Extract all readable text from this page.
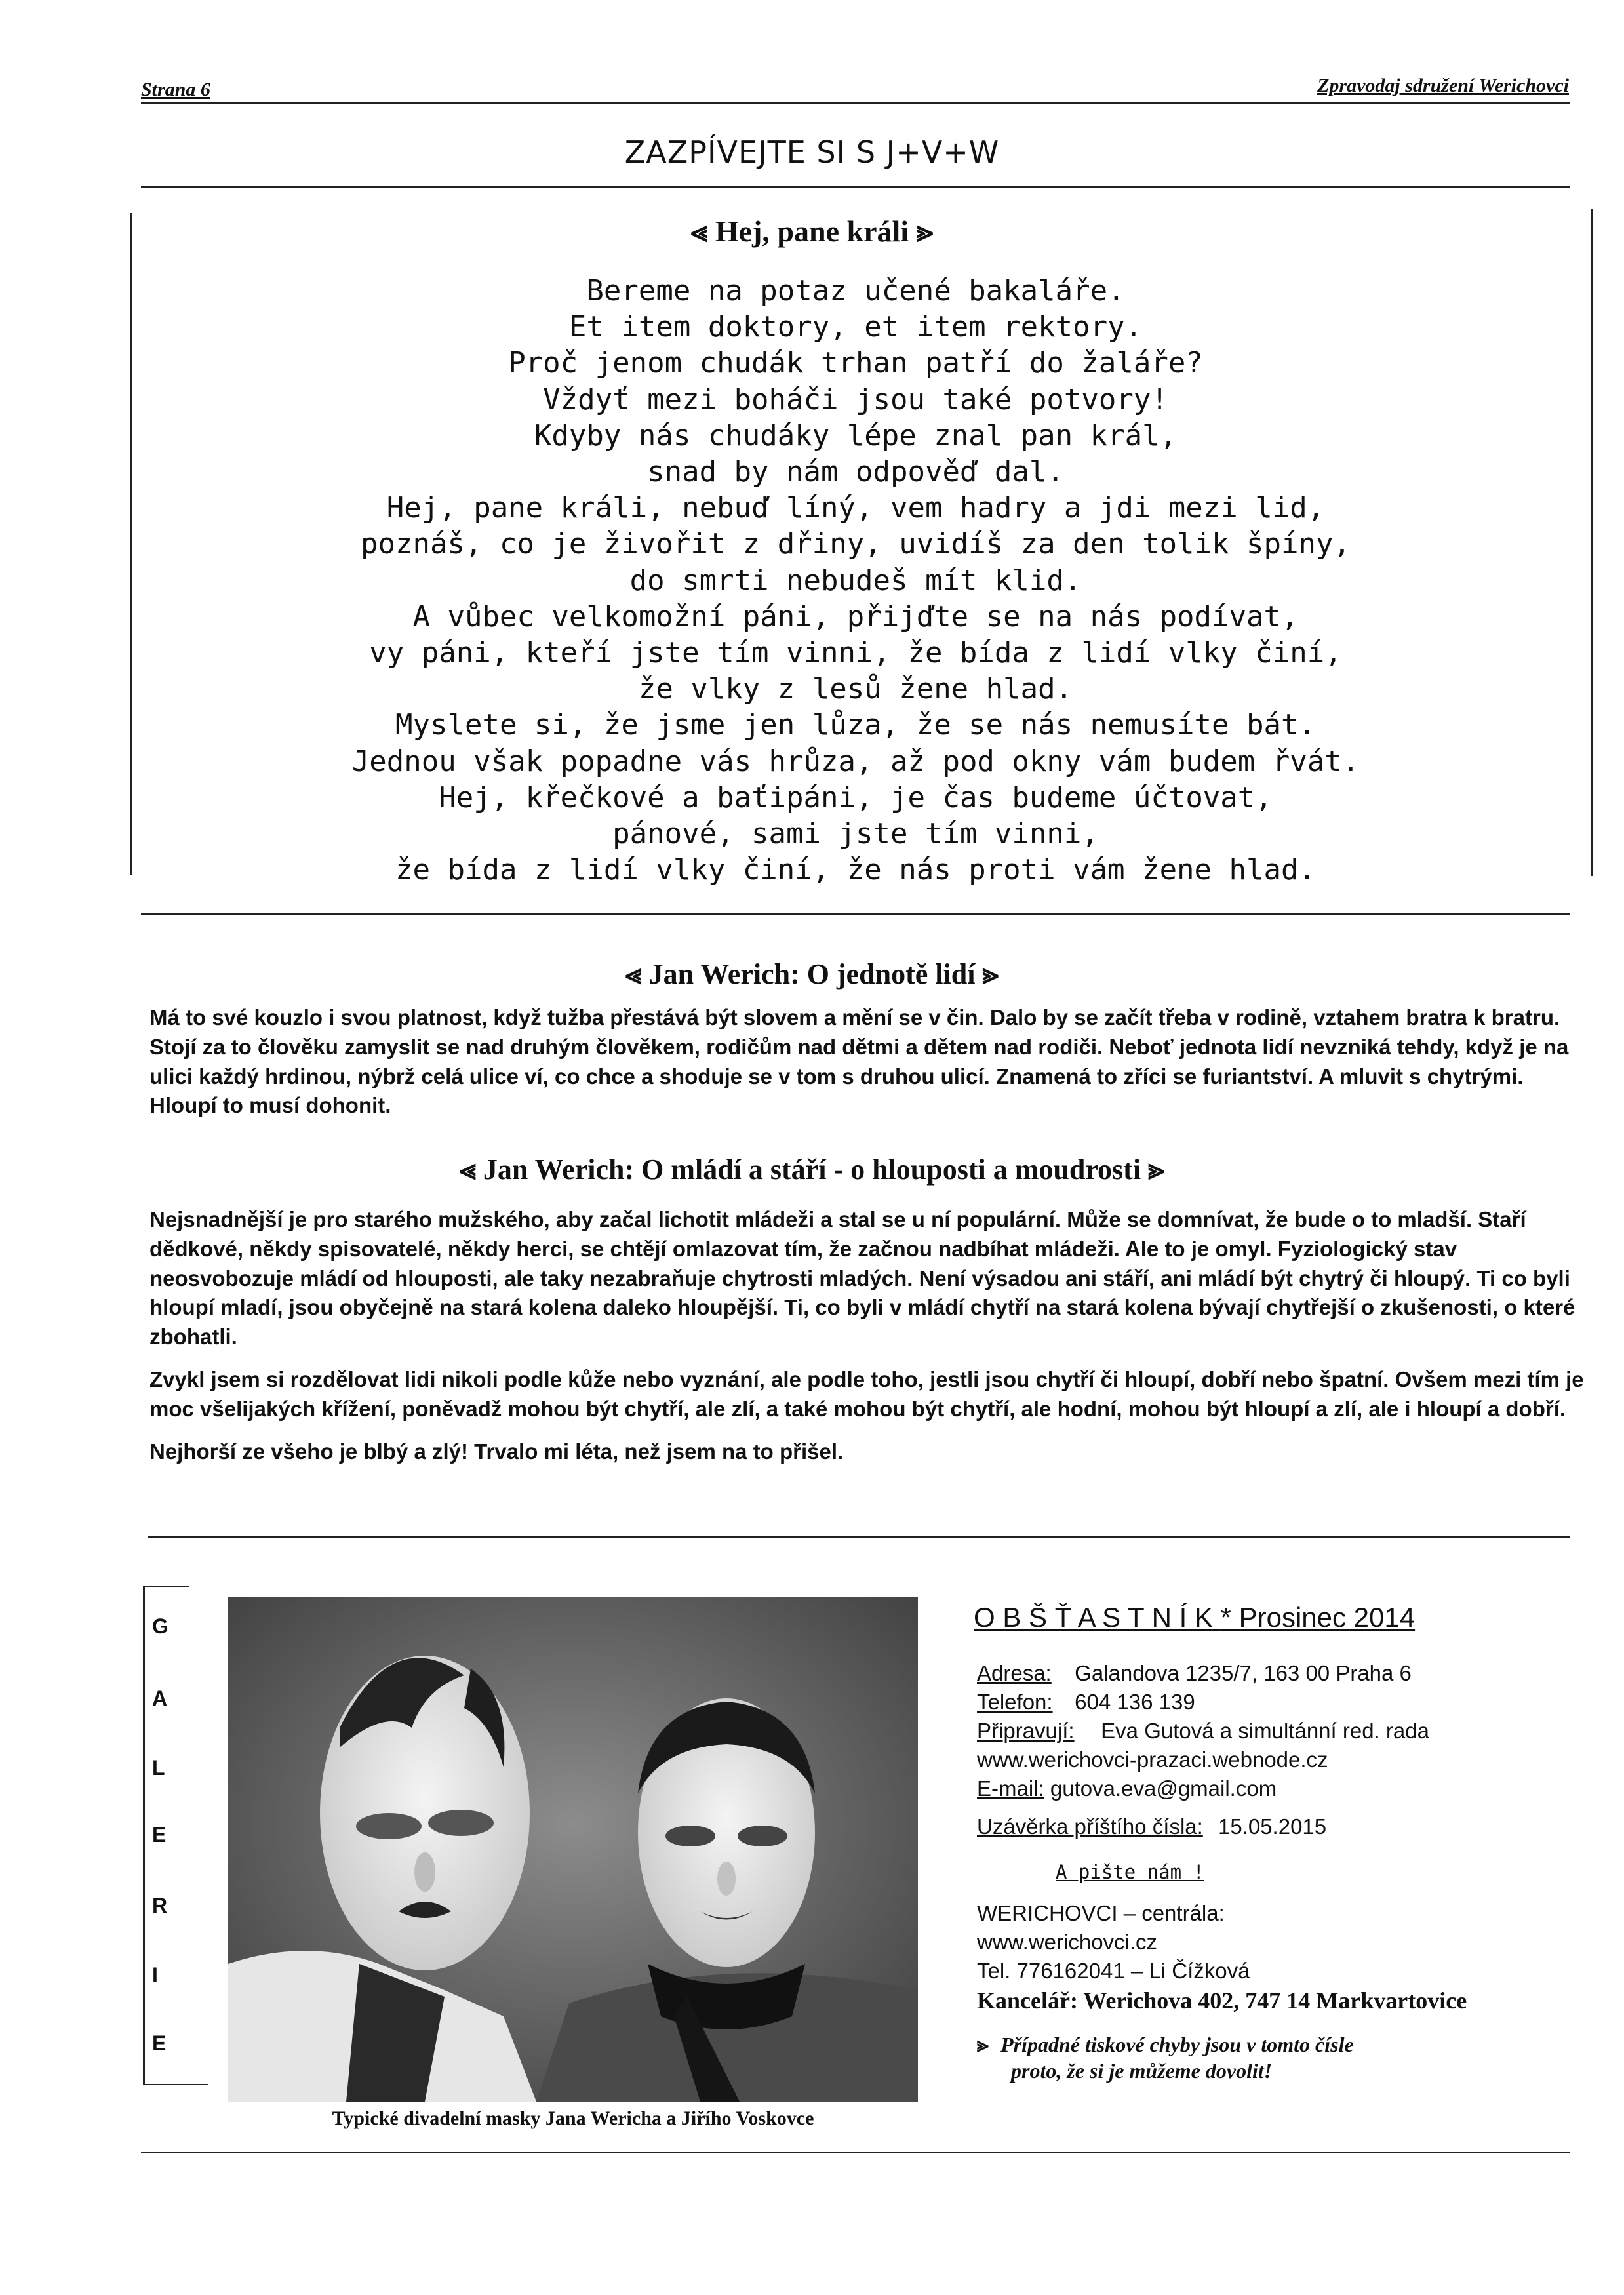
Strana 6	Zpravodaj sdružení Werichovci
ZAZPÍVEJTE SI S J+V+W
⪡ Hej, pane králi ⪢
Bereme na potaz učené bakaláře.
Et item doktory, et item rektory.
Proč jenom chudák trhan patří do žaláře?
Vždyť mezi boháči jsou také potvory!
Kdyby nás chudáky lépe znal pan král,
snad by nám odpověď dal.
Hej, pane králi, nebuď líný, vem hadry a jdi mezi lid,
poznáš, co je živořit z dřiny, uvidíš za den tolik špíny,
do smrti nebudeš mít klid.
A vůbec velkomožní páni, přijďte se na nás podívat,
vy páni, kteří jste tím vinni, že bída z lidí vlky činí,
že vlky z lesů žene hlad.
Myslete si, že jsme jen lůza, že se nás nemusíte bát.
Jednou však popadne vás hrůza, až pod okny vám budem řvát.
Hej, křečkové a baťipáni, je čas budeme účtovat,
pánové, sami jste tím vinni,
že bída z lidí vlky činí, že nás proti vám žene hlad.
⪡ Jan Werich: O jednotě lidí ⪢

Má to své kouzlo i svou platnost, když tužba přestává být slovem a mění se v čin. Dalo by se začít třeba v rodině, vztahem bratra k bratru. Stojí za to člověku zamyslit se nad druhým člověkem, rodičům nad dětmi a dětem nad rodiči. Neboť jednota lidí nevzniká tehdy, když je na ulici každý hrdinou, nýbrž celá ulice ví, co chce a shoduje se v tom s druhou ulicí. Znamená to zříci se furiantství. A mluvit s chytrými. Hloupí to musí dohonit.

⪡ Jan Werich: O mládí a stáří - o hlouposti a moudrosti ⪢

Nejsnadnější je pro starého mužského, aby začal lichotit mládeži a stal se u ní populární. Může se domnívat, že bude o to mladší. Staří dědkové, někdy spisovatelé, někdy herci, se chtějí omlazovat tím, že začnou nadbíhat mládeži. Ale to je omyl. Fyziologický stav neosvobozuje mládí od hlouposti, ale taky nezabraňuje chytrosti mladých. Není výsadou ani stáří, ani mládí být chytrý či hloupý. Ti co byli hloupí mladí, jsou obyčejně na stará kolena daleko hloupější. Ti, co byli v mládí chytří na stará kolena bývají chytřejší o zkušenosti, o které zbohatli.

Zvykl jsem si rozdělovat lidi nikoli podle kůže nebo vyznání, ale podle toho, jestli jsou chytří či hloupí, dobří nebo špatní. Ovšem mezi tím je moc všelijakých křížení, poněvadž mohou být chytří, ale zlí, a také mohou být chytří, ale hodní, mohou být hloupí a zlí, ale i hloupí a dobří.

Nejhorší ze všeho je blbý a zlý! Trvalo mi léta, než jsem na to přišel.

G
A
L
E
R
I
E
Typické divadelní masky Jana Wericha a Jiřího Voskovce
O B Š Ť A S T N Í K * Prosinec 2014
Adresa: Galandova 1235/7, 163 00 Praha 6
Telefon: 604 136 139
Připravují: Eva Gutová a simultánní red. rada
www.werichovci-prazaci.webnode.cz
E-mail: gutova.eva@gmail.com
Uzávěrka příštího čísla: 15.05.2015
A pište nám !
WERICHOVCI – centrála:
www.werichovci.cz
Tel. 776162041 – Li Čížková
Kancelář: Werichova 402, 747 14 Markvartovice
⪢ Případné tiskové chyby jsou v tomto čísle
proto, že si je můžeme dovolit!
